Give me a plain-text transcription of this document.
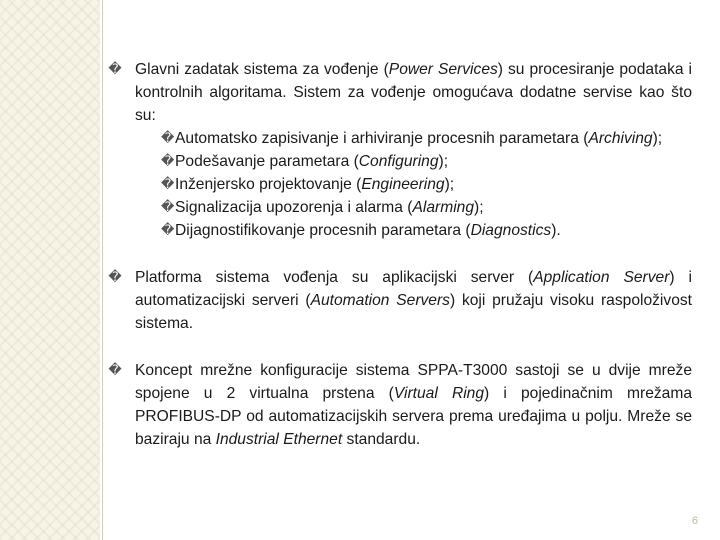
� Glavni zadatak sistema za vođenje (Power Services) su procesiranje podataka i kontrolnih algoritama. Sistem za vođenje omogućava dodatne servise kao što su:
� Automatsko zapisivanje i arhiviranje procesnih parametara (Archiving);
� Podešavanje parametara (Configuring);
� Inženjersko projektovanje (Engineering);
� Signalizacija upozorenja i alarma (Alarming);
� Dijagnostifikovanje procesnih parametara (Diagnostics).
� Platforma sistema vođenja su aplikacijski server (Application Server) i automatizacijski serveri (Automation Servers) koji pružaju visoku raspoloživost sistema.
� Koncept mrežne konfiguracije sistema SPPA-T3000 sastoji se u dvije mreže spojene u 2 virtualna prstena (Virtual Ring) i pojedinačnim mrežama PROFIBUS-DP od automatizacijskih servera prema uređajima u polju. Mreže se baziraju na Industrial Ethernet standardu.
6
